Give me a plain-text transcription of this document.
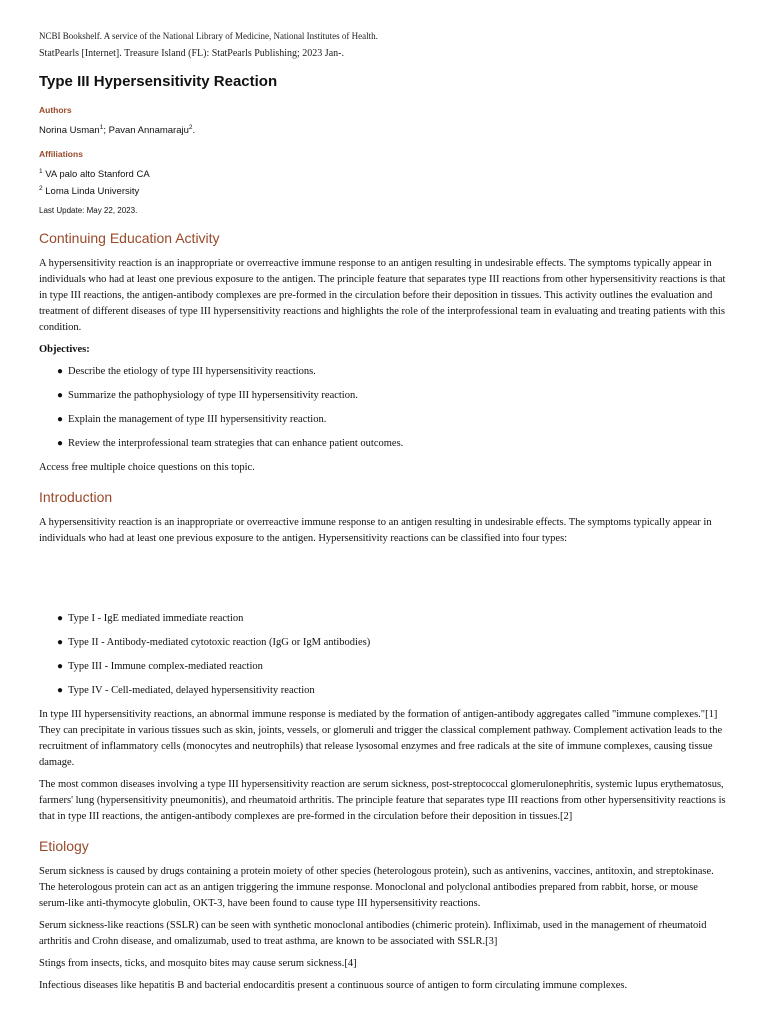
NCBI Bookshelf. A service of the National Library of Medicine, National Institutes of Health.

StatPearls [Internet]. Treasure Island (FL): StatPearls Publishing; 2023 Jan-.

Type III Hypersensitivity Reaction
Authors
Norina Usman$^1$; Pavan Annamaraju$^2$.
Affiliations

$^1$ VA palo alto Stanford CA

$^2$ Loma Linda University

Last Update: May 22, 2023.

Continuing Education Activity

A hypersensitivity reaction is an inappropriate or overreactive immune response to an antigen resulting in undesirable effects. The symptoms typically appear in individuals who had at least one previous exposure to the antigen. The principle feature that separates type III reactions from other hypersensitivity reactions is that in type III reactions, the antigen-antibody complexes are pre-formed in the circulation before their deposition in tissues. This activity outlines the evaluation and treatment of different diseases of type III hypersensitivity reactions and highlights the role of the interprofessional team in evaluating and treating patients with this condition.

Objectives:

● Describe the etiology of type III hypersensitivity reactions.
● Summarize the pathophysiology of type III hypersensitivity reaction.
● Explain the management of type III hypersensitivity reaction.
● Review the interprofessional team strategies that can enhance patient outcomes.

Access free multiple choice questions on this topic.

Introduction

A hypersensitivity reaction is an inappropriate or overreactive immune response to an antigen resulting in undesirable effects. The symptoms typically appear in individuals who had at least one previous exposure to the antigen. Hypersensitivity reactions can be classified into four types:

● Type I - IgE mediated immediate reaction
● Type II - Antibody-mediated cytotoxic reaction (IgG or IgM antibodies)
● Type III - Immune complex-mediated reaction
● Type IV - Cell-mediated, delayed hypersensitivity reaction

In type III hypersensitivity reactions, an abnormal immune response is mediated by the formation of antigen-antibody aggregates called "immune complexes."[1] They can precipitate in various tissues such as skin, joints, vessels, or glomeruli and trigger the classical complement pathway. Complement activation leads to the recruitment of inflammatory cells (monocytes and neutrophils) that release lysosomal enzymes and free radicals at the site of immune complexes, causing tissue damage.

The most common diseases involving a type III hypersensitivity reaction are serum sickness, post-streptococcal glomerulonephritis, systemic lupus erythematosus, farmers' lung (hypersensitivity pneumonitis), and rheumatoid arthritis. The principle feature that separates type III reactions from other hypersensitivity reactions is that in type III reactions, the antigen-antibody complexes are pre-formed in the circulation before their deposition in tissues.[2]

Etiology

Serum sickness is caused by drugs containing a protein moiety of other species (heterologous protein), such as antivenins, vaccines, antitoxin, and streptokinase. The heterologous protein can act as an antigen triggering the immune response. Monoclonal and polyclonal antibodies prepared from rabbit, horse, or mouse serum-like anti-thymocyte globulin, OKT-3, have been found to cause type III hypersensitivity reactions.

Serum sickness-like reactions (SSLR) can be seen with synthetic monoclonal antibodies (chimeric protein). Infliximab, used in the management of rheumatoid arthritis and Crohn disease, and omalizumab, used to treat asthma, are known to be associated with SSLR.[3]

Stings from insects, ticks, and mosquito bites may cause serum sickness.[4]

Infectious diseases like hepatitis B and bacterial endocarditis present a continuous source of antigen to form circulating immune complexes.
